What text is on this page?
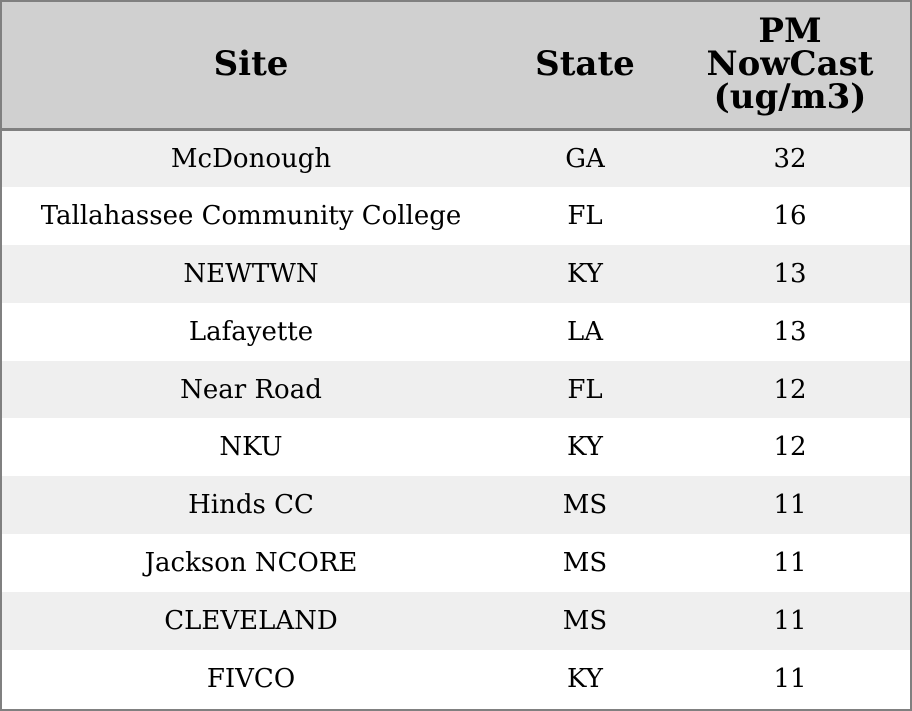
Site	State	PM
NowCast
(ug/m3)
McDonough	GA	32
Tallahassee Community College	FL	16
NEWTWN	KY	13
Lafayette	LA	13
Near Road	FL	12
NKU	KY	12
Hinds CC	MS	11
Jackson NCORE	MS	11
CLEVELAND	MS	11
FIVCO	KY	11
